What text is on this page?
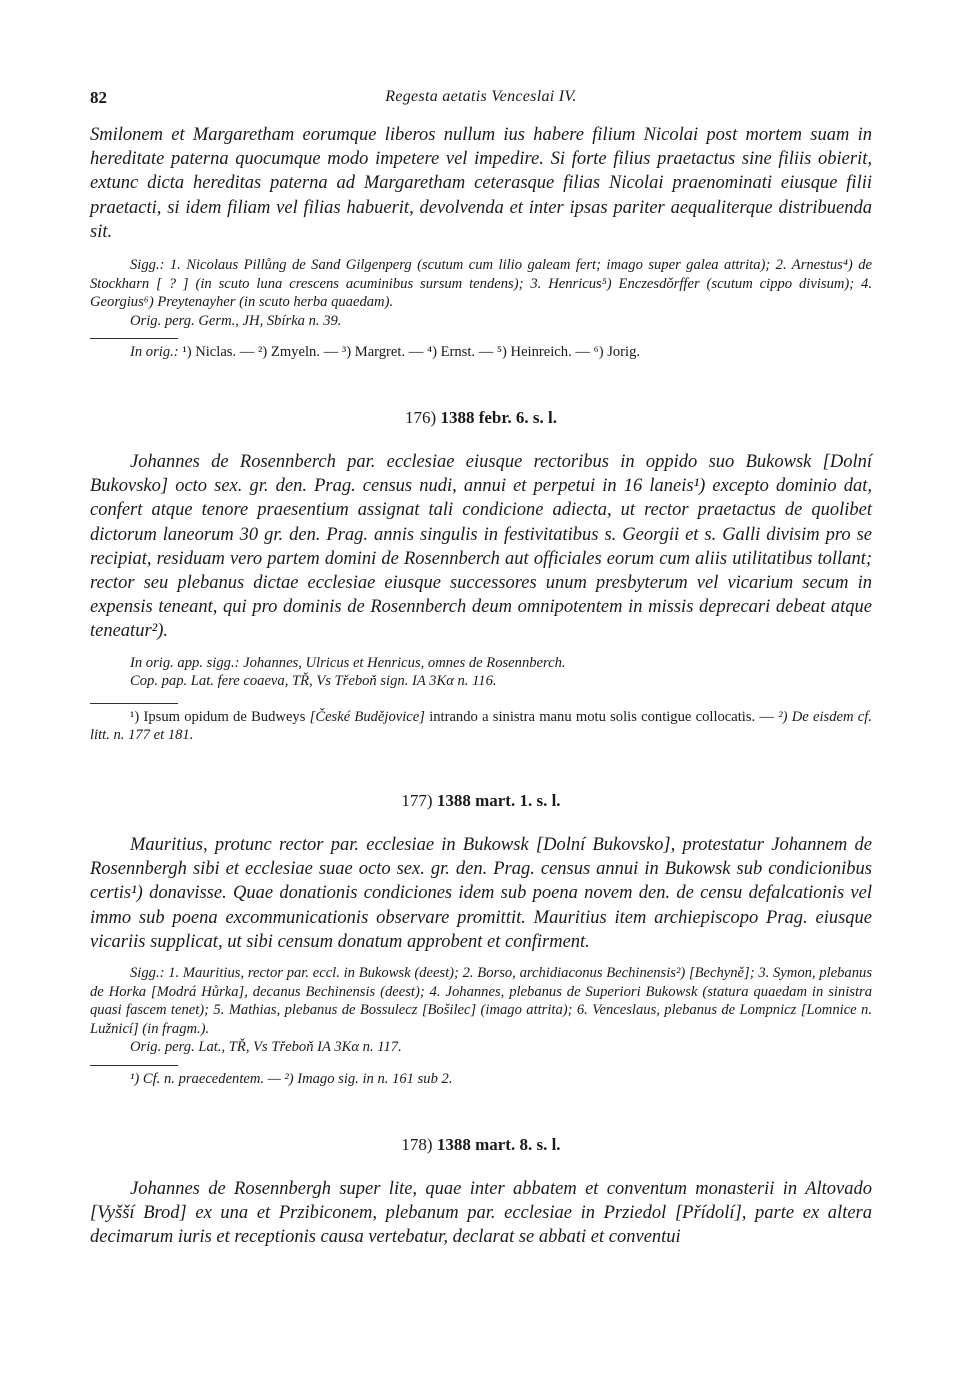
82	Regesta aetatis Venceslai IV.

Smilonem et Margaretham eorumque liberos nullum ius habere filium Nicolai post mortem suam in hereditate paterna quocumque modo impetere vel impedire. Si forte filius praetactus sine filiis obierit, extunc dicta hereditas paterna ad Margaretham ceterasque filias Nicolai praenominati eiusque filii praetacti, si idem filiam vel filias habuerit, devolvenda et inter ipsas pariter aequaliterque distribuenda sit.

Sigg.: 1. Nicolaus Pillůng de Sand Gilgenperg (scutum cum lilio galeam fert; imago super galea attrita); 2. Arnestus⁴) de Stockharn [ ? ] (in scuto luna crescens acuminibus sursum tendens); 3. Henricus⁵) Enczesdǒrffer (scutum cippo divisum); 4. Georgius⁶) Preytenayher (in scuto herba quaedam).

Orig. perg. Germ., JH, Sbírka n. 39.

In orig.: ¹) Niclas. — ²) Zmyeln. — ³) Margret. — ⁴) Ernst. — ⁵) Heinreich. — ⁶) Jorig.

176) 1388 febr. 6. s. l.

Johannes de Rosennberch par. ecclesiae eiusque rectoribus in oppido suo Bukowsk [Dolní Bukovsko] octo sex. gr. den. Prag. census nudi, annui et perpetui in 16 laneis¹) excepto dominio dat, confert atque tenore praesentium assignat tali condicione adiecta, ut rector praetactus de quolibet dictorum laneorum 30 gr. den. Prag. annis singulis in festivitatibus s. Georgii et s. Galli divisim pro se recipiat, residuam vero partem domini de Rosennberch aut officiales eorum cum aliis utilitatibus tollant; rector seu plebanus dictae ecclesiae eiusque successores unum presbyterum vel vicarium secum in expensis teneant, qui pro dominis de Rosennberch deum omnipotentem in missis deprecari debeat atque teneatur²).

In orig. app. sigg.: Johannes, Ulricus et Henricus, omnes de Rosennberch.

Cop. pap. Lat. fere coaeva, TŘ, Vs Třeboň sign. IA 3Kα n. 116.

¹) Ipsum opidum de Budweys [České Budějovice] intrando a sinistra manu motu solis contigue collocatis. — ²) De eisdem cf. litt. n. 177 et 181.

177) 1388 mart. 1. s. l.

Mauritius, protunc rector par. ecclesiae in Bukowsk [Dolní Bukovsko], protestatur Johannem de Rosennbergh sibi et ecclesiae suae octo sex. gr. den. Prag. census annui in Bukowsk sub condicionibus certis¹) donavisse. Quae donationis condiciones idem sub poena novem den. de censu defalcationis vel immo sub poena excommunicationis observare promittit. Mauritius item archiepiscopo Prag. eiusque vicariis supplicat, ut sibi censum donatum approbent et confirment.

Sigg.: 1. Mauritius, rector par. eccl. in Bukowsk (deest); 2. Borso, archidiaconus Bechinensis²) [Bechyně]; 3. Symon, plebanus de Horka [Modrá Hůrka], decanus Bechinensis (deest); 4. Johannes, plebanus de Superiori Bukowsk (statura quaedam in sinistra quasi fascem tenet); 5. Mathias, plebanus de Bossulecz [Bošilec] (imago attrita); 6. Venceslaus, plebanus de Lompnicz [Lomnice n. Lužnicí] (in fragm.).

Orig. perg. Lat., TŘ, Vs Třeboň IA 3Kα n. 117.

¹) Cf. n. praecedentem. — ²) Imago sig. in n. 161 sub 2.

178) 1388 mart. 8. s. l.

Johannes de Rosennbergh super lite, quae inter abbatem et conventum monasterii in Altovado [Vyšší Brod] ex una et Przibiconem, plebanum par. ecclesiae in Prziedol [Přídolí], parte ex altera decimarum iuris et receptionis causa vertebatur, declarat se abbati et conventui
